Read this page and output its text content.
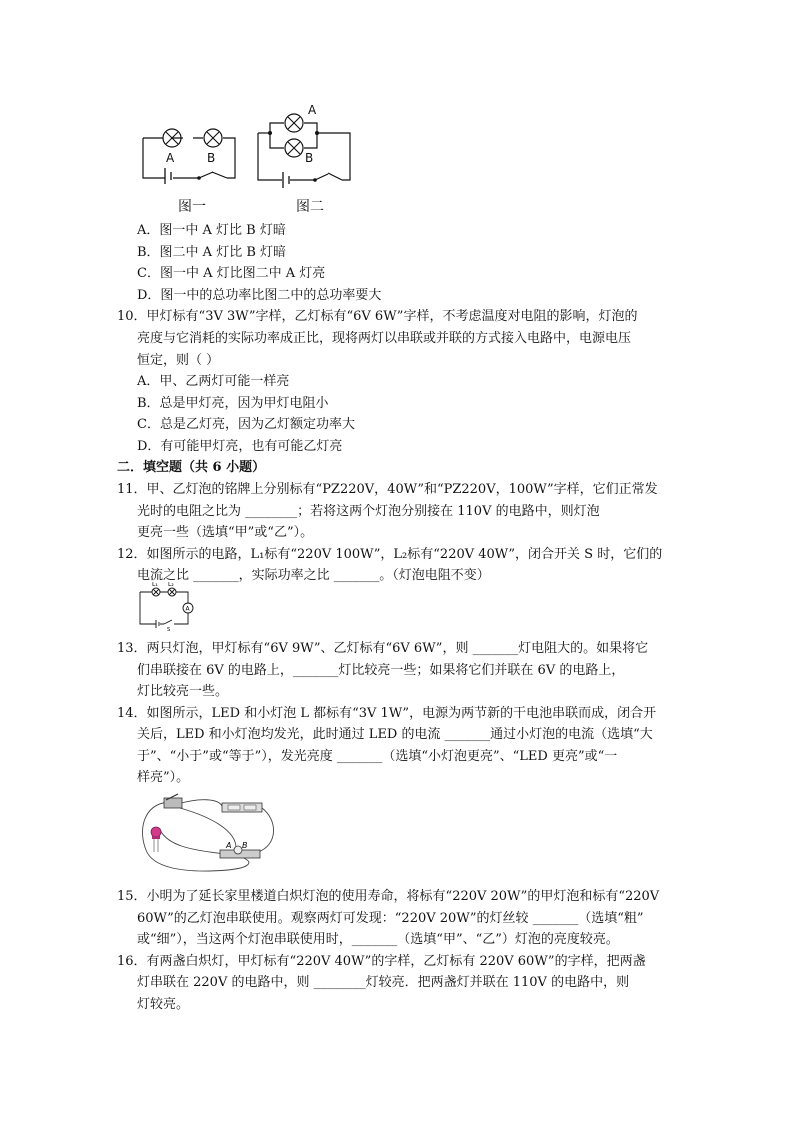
A	B
图一
A
B
图二
A．图一中 A 灯比 B 灯暗
B．图二中 A 灯比 B 灯暗
C．图一中 A 灯比图二中 A 灯亮
D．图一中的总功率比图二中的总功率要大
10．甲灯标有“3V 3W”字样，乙灯标有“6V 6W”字样，不考虑温度对电阻的影响，灯泡的
亮度与它消耗的实际功率成正比，现将两灯以串联或并联的方式接入电路中，电源电压
恒定，则（ ）
A．甲、乙两灯可能一样亮
B．总是甲灯亮，因为甲灯电阻小
C．总是乙灯亮，因为乙灯额定功率大
D．有可能甲灯亮，也有可能乙灯亮
二．填空题（共 6 小题）
11．甲、乙灯泡的铭牌上分别标有“PZ220V，40W”和“PZ220V，100W”字样，它们正常发
光时的电阻之比为 ________；若将这两个灯泡分别接在 110V 的电路中，则灯泡
更亮一些（选填“甲”或“乙”）。
12．如图所示的电路，L₁标有“220V 100W”，L₂标有“220V 40W”，闭合开关 S 时，它们的
电流之比 _______，实际功率之比 _______。（灯泡电阻不变）
L₁ L₂
A
S
13．两只灯泡，甲灯标有“6V 9W”、乙灯标有“6V 6W”，则 _______灯电阻大的。如果将它
们串联接在 6V 的电路上，_______灯比较亮一些；如果将它们并联在 6V 的电路上，
灯比较亮一些。
14．如图所示，LED 和小灯泡 L 都标有“3V 1W”，电源为两节新的干电池串联而成，闭合开
关后，LED 和小灯泡均发光，此时通过 LED 的电流 _______通过小灯泡的电流（选填“大
于”、“小于”或“等于”），发光亮度 _______（选填“小灯泡更亮”、“LED 更亮”或“一
样亮”）。
A B
15．小明为了延长家里楼道白炽灯泡的使用寿命，将标有“220V 20W”的甲灯泡和标有“220V
60W”的乙灯泡串联使用。观察两灯可发现：“220V 20W”的灯丝较 _______（选填“粗”
或“细”），当这两个灯泡串联使用时，_______（选填“甲”、“乙”）灯泡的亮度较亮。
16．有两盏白炽灯，甲灯标有“220V 40W”的字样，乙灯标有 220V 60W”的字样，把两盏
灯串联在 220V 的电路中，则 ________灯较亮．把两盏灯并联在 110V 的电路中，则
灯较亮。
